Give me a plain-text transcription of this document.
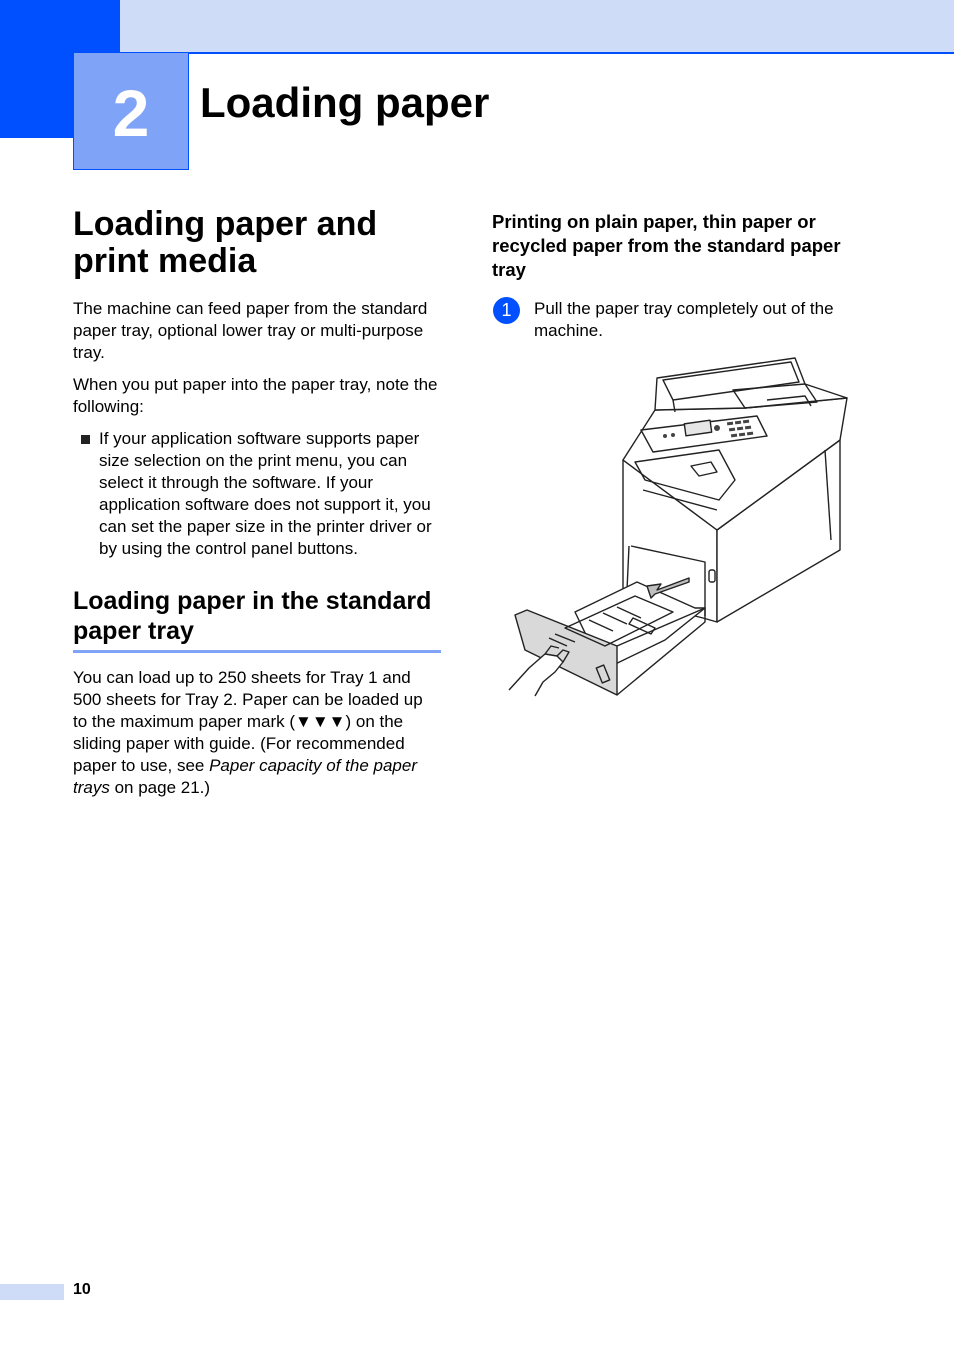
2 Loading paper
Loading paper and print media

The machine can feed paper from the standard paper tray, optional lower tray or multi-purpose tray.

When you put paper into the paper tray, note the following:

If your application software supports paper size selection on the print menu, you can select it through the software. If your application software does not support it, you can set the paper size in the printer driver or by using the control panel buttons.
Loading paper in the standard paper tray

You can load up to 250 sheets for Tray 1 and 500 sheets for Tray 2. Paper can be loaded up to the maximum paper mark (▼▼▼) on the sliding paper with guide. (For recommended paper to use, see Paper capacity of the paper trays on page 21.)

Printing on plain paper, thin paper or recycled paper from the standard paper tray
1	Pull the paper tray completely out of the machine.
10
